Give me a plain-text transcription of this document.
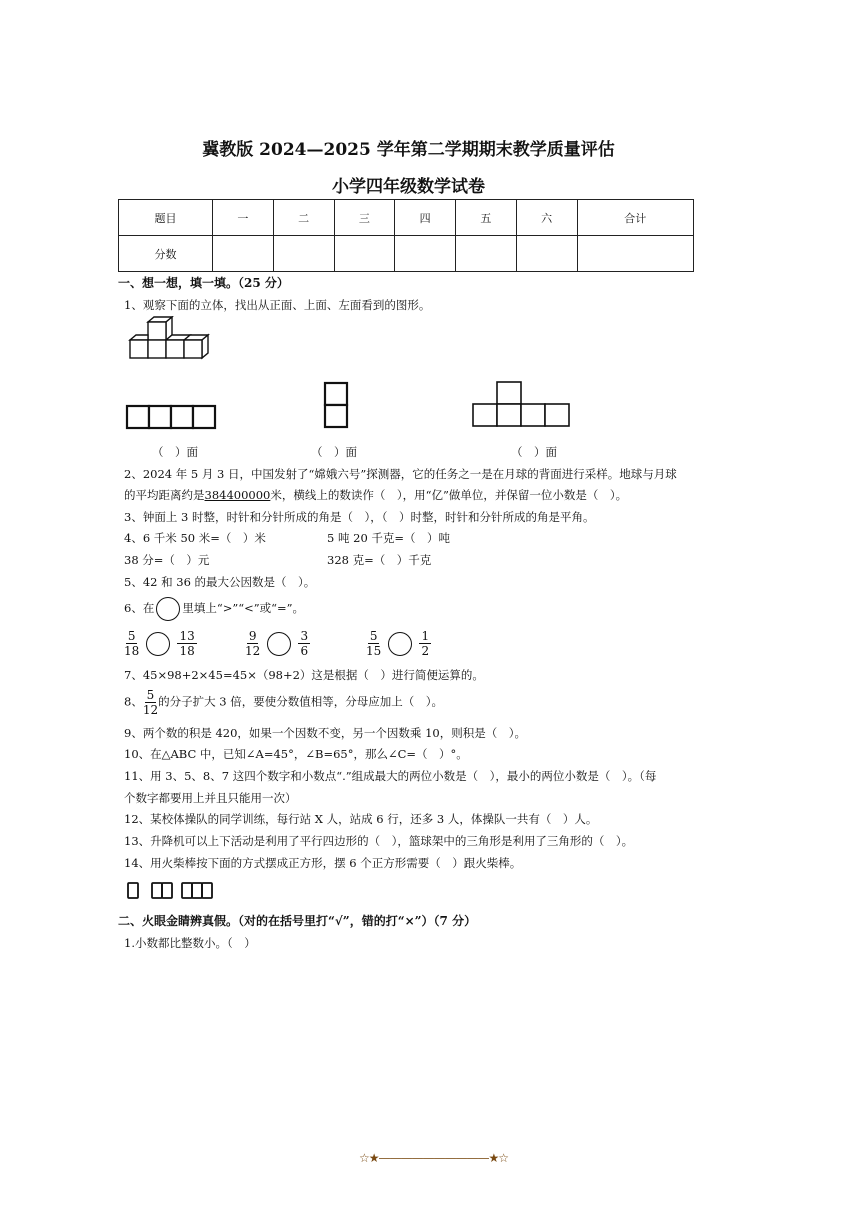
冀教版 2024—2025 学年第二学期期末教学质量评估
小学四年级数学试卷
题目	一	二	三	四	五	六	合计
分数							
一、想一想，填一填。（25 分）
1、观察下面的立体，找出从正面、上面、左面看到的图形。
（　）面	（　）面	（　）面
2、2024 年 5 月 3 日，中国发射了“嫦娥六号”探测器，它的任务之一是在月球的背面进行采样。地球与月球
的平均距离约是384400000米，横线上的数读作（　），用“亿”做单位，并保留一位小数是（　）。
3、钟面上 3 时整，时针和分针所成的角是（　），（　）时整，时针和分针所成的角是平角。
4、6 千米 50 米=（　）米	5 吨 20 千克=（　）吨
38 分=（　）元	328 克=（　）千克
5、42 和 36 的最大公因数是（　）。
6、在 里填上“>”“<”或“=”。
$\frac{5}{18}$
	$\frac{13}{18}$	$\frac{9}{12}$
	$\frac{3}{6}$	$\frac{5}{15}$
	$\frac{1}{2}$
7、45×98+2×45=45×（98+2）这是根据（　）进行简便运算的。
8、 $\frac{5}{12}$ 的分子扩大 3 倍，要使分数值相等，分母应加上（　）。
9、两个数的积是 420，如果一个因数不变，另一个因数乘 10，则积是（　）。
10、在△ABC 中，已知∠A=45°，∠B=65°，那么∠C=（　）°。
11、用 3、5、8、7 这四个数字和小数点“.”组成最大的两位小数是（　），最小的两位小数是（　）。（每
个数字都要用上并且只能用一次）
12、某校体操队的同学训练，每行站 X 人，站成 6 行，还多 3 人，体操队一共有（　）人。
13、升降机可以上下活动是利用了平行四边形的（　），篮球架中的三角形是利用了三角形的（　）。
14、用火柴棒按下面的方式摆成正方形，摆 6 个正方形需要（　）跟火柴棒。
二、火眼金睛辨真假。（对的在括号里打“√”，错的打“×”）（7 分）
1.小数都比整数小。（　）
☆★——————————★☆
